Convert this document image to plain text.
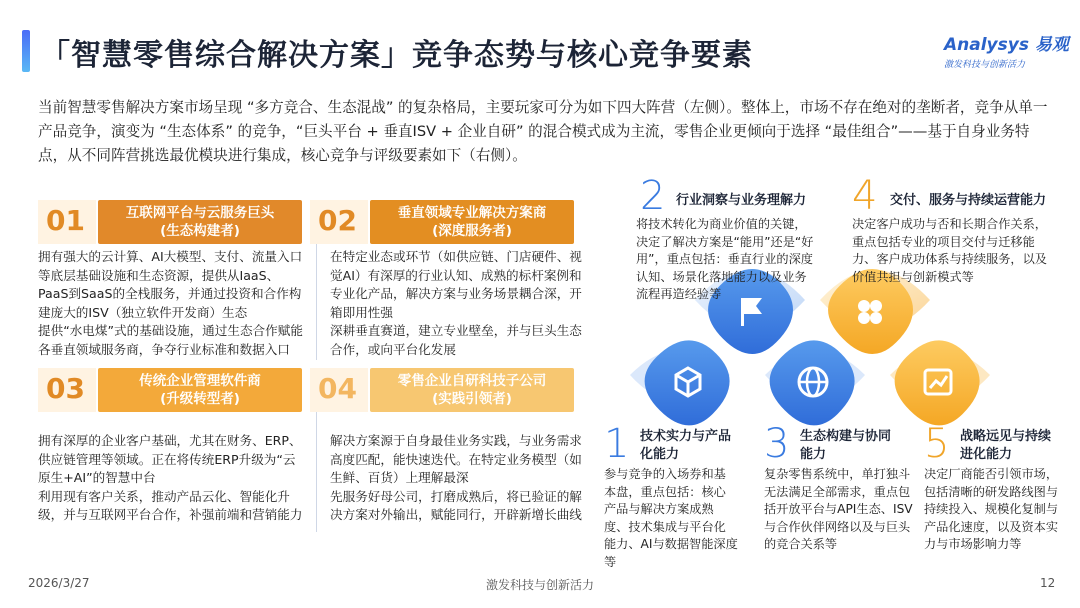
「智慧零售综合解决方案」竞争态势与核心竞争要素	Analysys 易观
激发科技与创新活力
当前智慧零售解决方案市场呈现 “多方竞合、生态混战” 的复杂格局，主要玩家可分为如下四大阵营（左侧）。整体上，市场不存在绝对的垄断者，竞争从单一产品竞争，演变为 “生态体系” 的竞争，“巨头平台 + 垂直ISV + 企业自研” 的混合模式成为主流，零售企业更倾向于选择 “最佳组合”——基于自身业务特点，从不同阵营挑选最优模块进行集成，核心竞争与评级要素如下（右侧）。
01	互联网平台与云服务巨头
(生态构建者)

拥有强大的云计算、AI大模型、支付、流量入口等底层基础设施和生态资源，提供从IaaS、PaaS到SaaS的全栈服务，并通过投资和合作构建庞大的ISV（独立软件开发商）生态

提供“水电煤”式的基础设施，通过生态合作赋能各垂直领域服务商，争夺行业标准和数据入口

02	垂直领域专业解决方案商
(深度服务者)

在特定业态或环节（如供应链、门店硬件、视觉AI）有深厚的行业认知、成熟的标杆案例和专业化产品，解决方案与业务场景耦合深，开箱即用性强

深耕垂直赛道，建立专业壁垒，并与巨头生态合作，或向平台化发展

03	传统企业管理软件商
(升级转型者)

拥有深厚的企业客户基础，尤其在财务、ERP、供应链管理等领域。正在将传统ERP升级为“云原生+AI”的智慧中台

利用现有客户关系，推动产品云化、智能化升级，并与互联网平台合作，补强前端和营销能力

04	零售企业自研科技子公司
(实践引领者)

解决方案源于自身最佳业务实践，与业务需求高度匹配，能快速迭代。在特定业务模型（如生鲜、百货）上理解最深

先服务好母公司，打磨成熟后，将已验证的解决方案对外输出，赋能同行，开辟新增长曲线

2 行业洞察与业务理解力
将技术转化为商业价值的关键，决定了解决方案是“能用”还是“好用”，重点包括：垂直行业的深度认知、场景化落地能力以及业务流程再造经验等
4 交付、服务与持续运营能力
决定客户成功与否和长期合作关系，重点包括专业的项目交付与迁移能力、客户成功体系与持续服务，以及价值共担与创新模式等
1 技术实力与产品化能力
参与竞争的入场券和基本盘，重点包括：核心产品与解决方案成熟度、技术集成与平台化能力、AI与数据智能深度等
3 生态构建与协同能力
复杂零售系统中，单打独斗无法满足全部需求，重点包括开放平台与API生态、ISV与合作伙伴网络以及与巨头的竞合关系等
5 战略远见与持续进化能力
决定厂商能否引领市场，包括清晰的研发路线图与持续投入、规模化复制与产品化速度，以及资本实力与市场影响力等
2026/3/27	激发科技与创新活力	12
